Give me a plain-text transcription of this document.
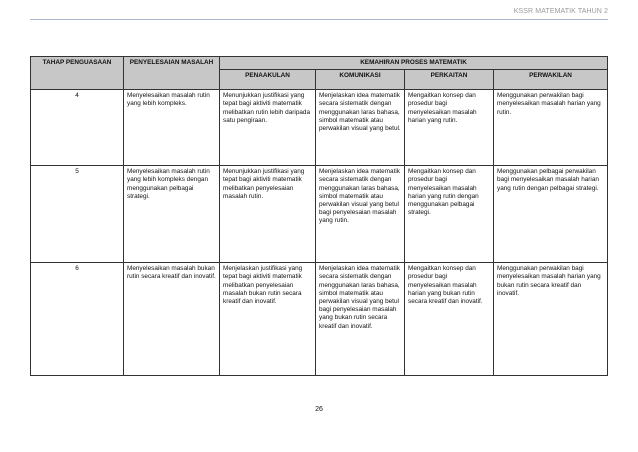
KSSR MATEMATIK TAHUN 2
TAHAP PENGUASAAN	PENYELESAIAN MASALAH	KEMAHIRAN PROSES MATEMATIK			
		PENAAKULAN	KOMUNIKASI	PERKAITAN	PERWAKILAN
4	Menyelesaikan masalah rutin yang lebih kompleks.	Menunjukkan justifikasi yang tepat bagi aktiviti matematik melibatkan rutin lebih daripada satu pengiraan.	Menjelaskan idea matematik secara sistematik dengan menggunakan laras bahasa, simbol matematik atau perwakilan visual yang betul.	Mengaitkan konsep dan prosedur bagi menyelesaikan masalah harian yang rutin.	Menggunakan perwakilan bagi menyelesaikan masalah harian yang rutin.
5	Menyelesaikan masalah rutin yang lebih kompleks dengan menggunakan pelbagai strategi.	Menunjukkan justifikasi yang tepat bagi aktiviti matematik melibatkan penyelesaian masalah rutin.	Menjelaskan idea matematik secara sistematik dengan menggunakan laras bahasa, simbol matematik atau perwakilan visual yang betul bagi penyelesaian masalah yang rutin.	Mengaitkan konsep dan prosedur bagi menyelesaikan masalah harian yang rutin dengan menggunakan pelbagai strategi.	Menggunakan pelbagai perwakilan bagi menyelesaikan masalah harian yang rutin dengan pelbagai strategi.
6	Menyelesaikan masalah bukan rutin secara kreatif dan inovatif.	Menjelaskan justifikasi yang tepat bagi aktiviti matematik melibatkan penyelesaian masalah bukan rutin secara kreatif dan inovatif.	Menjelaskan idea matematik secara sistematik dengan menggunakan laras bahasa, simbol matematik atau perwakilan visual yang betul bagi penyelesaian masalah yang bukan rutin secara kreatif dan inovatif.	Mengaitkan konsep dan prosedur bagi menyelesaikan masalah harian yang bukan rutin secara kreatif dan inovatif.	Menggunakan perwakilan bagi menyelesaikan masalah harian yang bukan rutin secara kreatif dan inovatif.
26
